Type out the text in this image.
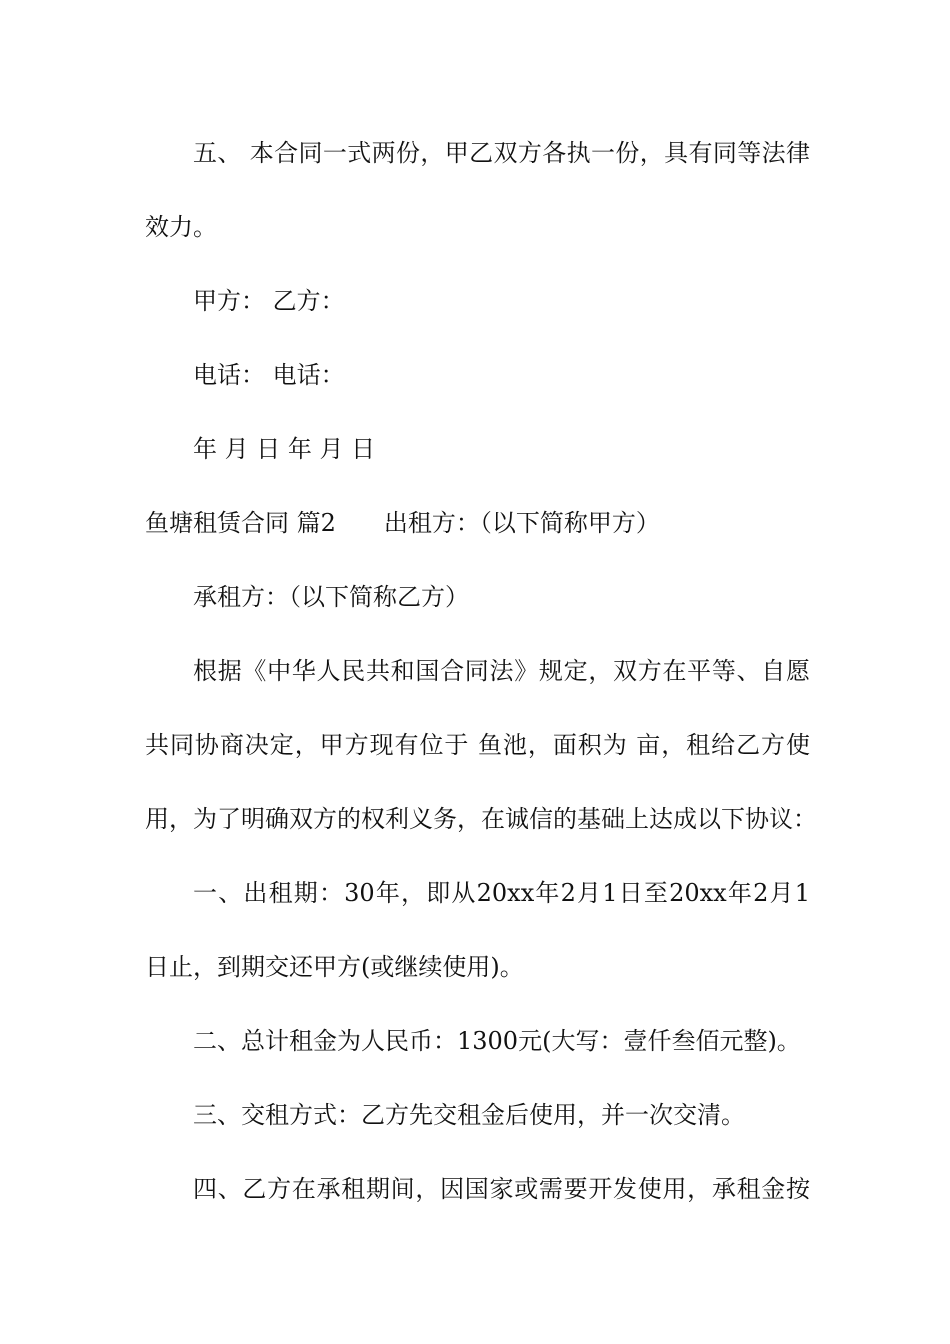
五、 本合同一式两份，甲乙双方各执一份，具有同等法律
效力。
甲方： 乙方：
电话： 电话：
年 月 日 年 月 日
鱼塘租赁合同 篇2 出租方：（以下简称甲方）
承租方：（以下简称乙方）
根据《中华人民共和国合同法》规定，双方在平等、自愿
共同协商决定，甲方现有位于 鱼池，面积为 亩，租给乙方使
用，为了明确双方的权利义务，在诚信的基础上达成以下协议：
一、出租期：30年，即从20xx年2月1日至20xx年2月1
日止，到期交还甲方(或继续使用)。
二、总计租金为人民币：1300元(大写：壹仟叁佰元整)。
三、交租方式：乙方先交租金后使用，并一次交清。
四、乙方在承租期间，因国家或需要开发使用，承租金按
